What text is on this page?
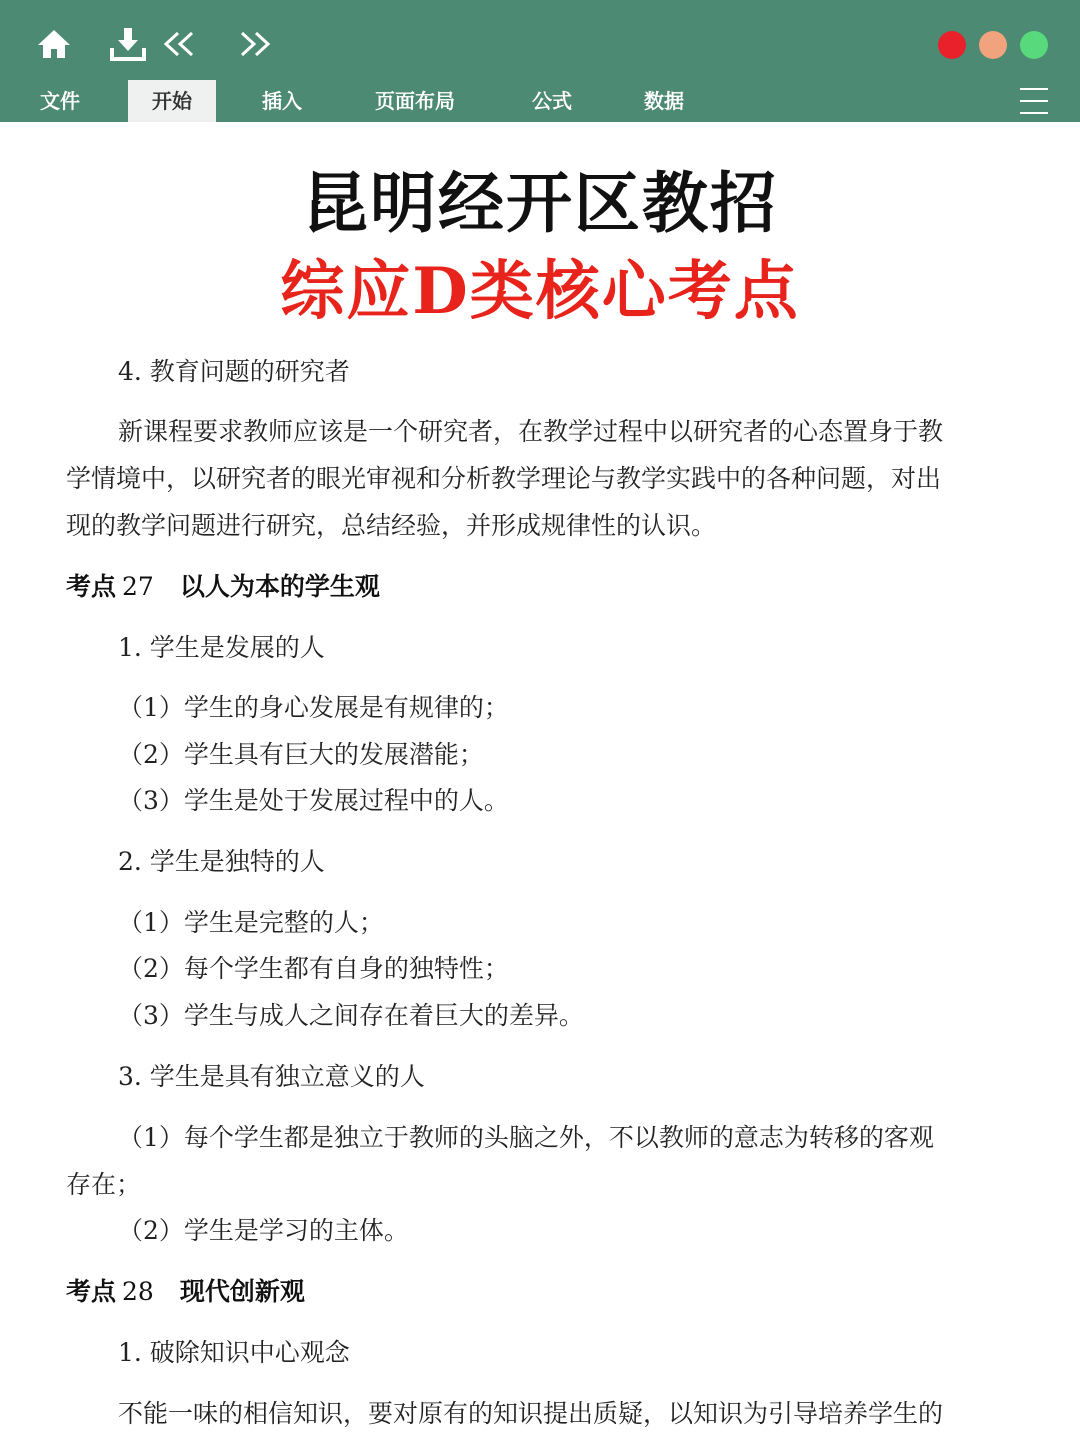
文件	开始	插入	页面布局	公式	数据
昆明经开区教招
综应D类核心考点
4. 教育问题的研究者
新课程要求教师应该是一个研究者，在教学过程中以研究者的心态置身于教
学情境中，以研究者的眼光审视和分析教学理论与教学实践中的各种问题，对出
现的教学问题进行研究，总结经验，并形成规律性的认识。
考点 27 以人为本的学生观
1. 学生是发展的人
（1）学生的身心发展是有规律的；
（2）学生具有巨大的发展潜能；
（3）学生是处于发展过程中的人。
2. 学生是独特的人
（1）学生是完整的人；
（2）每个学生都有自身的独特性；
（3）学生与成人之间存在着巨大的差异。
3. 学生是具有独立意义的人
（1）每个学生都是独立于教师的头脑之外，不以教师的意志为转移的客观
存在；
（2）学生是学习的主体。
考点 28 现代创新观
1. 破除知识中心观念
不能一味的相信知识，要对原有的知识提出质疑，以知识为引导培养学生的
